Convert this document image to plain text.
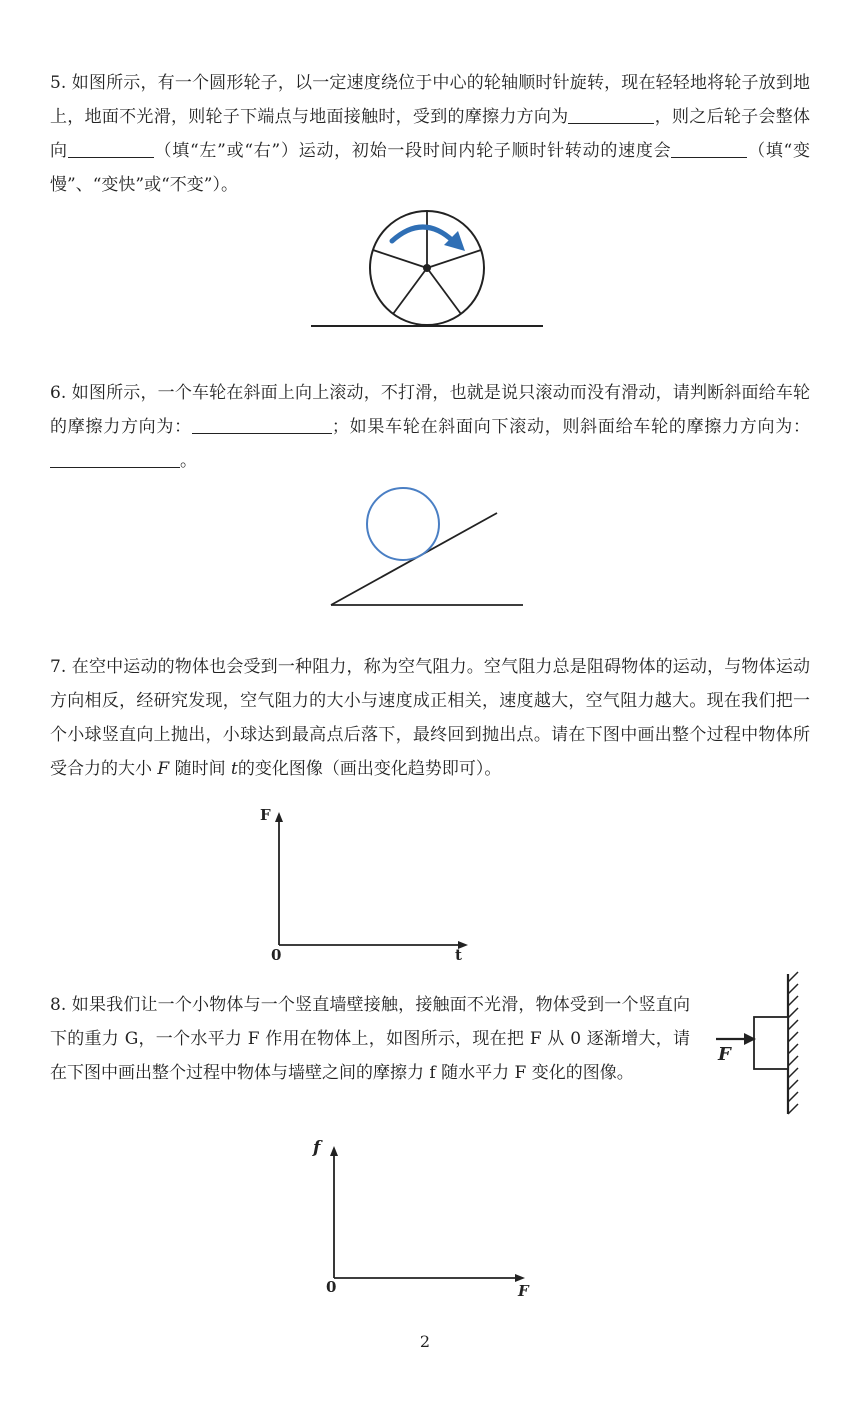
5. 如图所示，有一个圆形轮子，以一定速度绕位于中心的轮轴顺时针旋转，现在轻轻地将轮子放到地上，地面不光滑，则轮子下端点与地面接触时，受到的摩擦力方向为	，则之后轮子会整体向	（填“左”或“右”）运动，初始一段时间内轮子顺时针转动的速度会	（填“变慢”、“变快”或“不变”）。

6. 如图所示，一个车轮在斜面上向上滚动，不打滑，也就是说只滚动而没有滑动，请判断斜面给车轮的摩擦力方向为：	；如果车轮在斜面向下滚动，则斜面给车轮的摩擦力方向为：。

7. 在空中运动的物体也会受到一种阻力，称为空气阻力。空气阻力总是阻碍物体的运动，与物体运动方向相反，经研究发现，空气阻力的大小与速度成正相关，速度越大，空气阻力越大。现在我们把一个小球竖直向上抛出，小球达到最高点后落下，最终回到抛出点。请在下图中画出整个过程中物体所受合力的大小 F 随时间 t的变化图像（画出变化趋势即可）。

F
0	t

8. 如果我们让一个小物体与一个竖直墙壁接触，接触面不光滑，物体受到一个竖直向下的重力 G，一个水平力 F 作用在物体上，如图所示，现在把 F 从 0 逐渐增大，请在下图中画出整个过程中物体与墙壁之间的摩擦力 f 随水平力 F 变化的图像。

F
f
0	F
2
